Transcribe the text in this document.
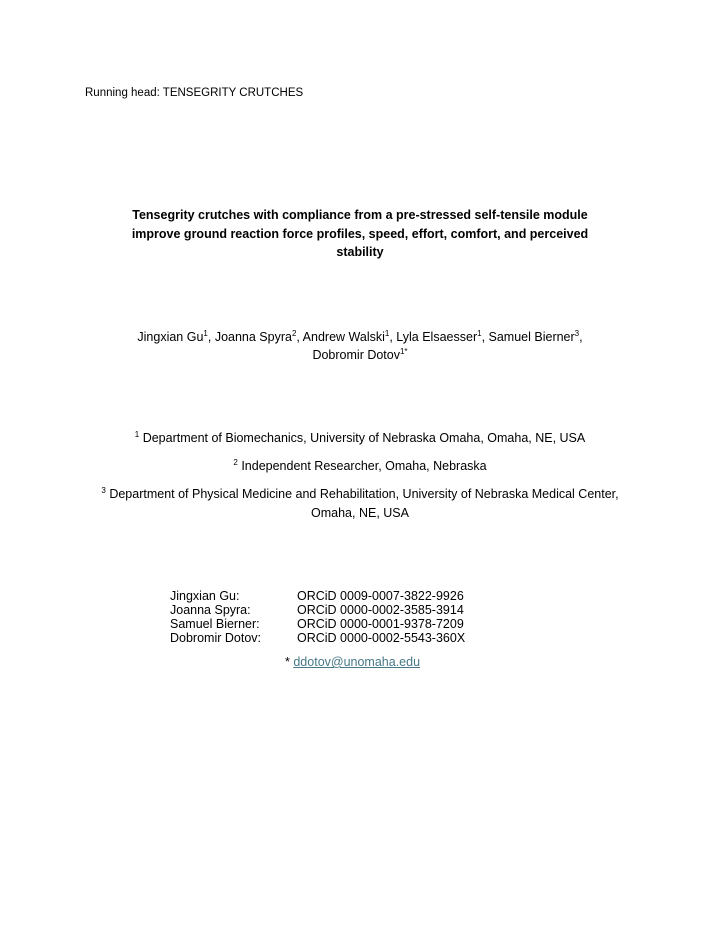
Running head: TENSEGRITY CRUTCHES
Tensegrity crutches with compliance from a pre-stressed self-tensile module
improve ground reaction force profiles, speed, effort, comfort, and perceived
stability
Jingxian Gu$^1$, Joanna Spyra$^2$, Andrew Walski$^1$, Lyla Elsaesser$^1$, Samuel Bierner$^3$,
Dobromir Dotov$^{1*}$
$^1$ Department of Biomechanics, University of Nebraska Omaha, Omaha, NE, USA
$^2$ Independent Researcher, Omaha, Nebraska
$^3$ Department of Physical Medicine and Rehabilitation, University of Nebraska Medical Center, Omaha, NE, USA
Jingxian Gu:	ORCiD 0009-0007-3822-9926
Joanna Spyra:	ORCiD 0000-0002-3585-3914
Samuel Bierner:	ORCiD 0000-0001-9378-7209
Dobromir Dotov:	ORCiD 0000-0002-5543-360X
* ddotov@unomaha.edu
